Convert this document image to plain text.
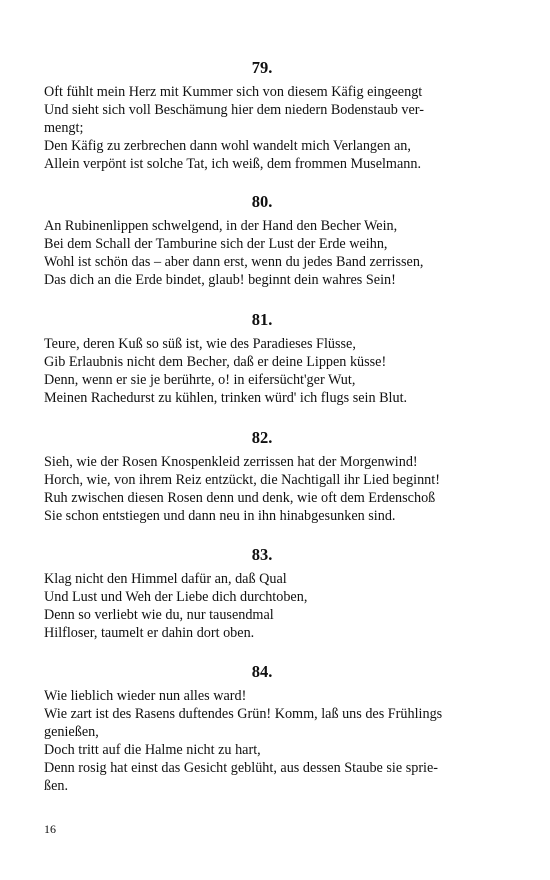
79.
Oft fühlt mein Herz mit Kummer sich von diesem Käfig eingeengt
Und sieht sich voll Beschämung hier dem niedern Bodenstaub ver-
mengt;
Den Käfig zu zerbrechen dann wohl wandelt mich Verlangen an,
Allein verpönt ist solche Tat, ich weiß, dem frommen Muselmann.
80.
An Rubinenlippen schwelgend, in der Hand den Becher Wein,
Bei dem Schall der Tamburine sich der Lust der Erde weihn,
Wohl ist schön das – aber dann erst, wenn du jedes Band zerrissen,
Das dich an die Erde bindet, glaub! beginnt dein wahres Sein!
81.
Teure, deren Kuß so süß ist, wie des Paradieses Flüsse,
Gib Erlaubnis nicht dem Becher, daß er deine Lippen küsse!
Denn, wenn er sie je berührte, o! in eifersücht'ger Wut,
Meinen Rachedurst zu kühlen, trinken würd' ich flugs sein Blut.
82.
Sieh, wie der Rosen Knospenkleid zerrissen hat der Morgenwind!
Horch, wie, von ihrem Reiz entzückt, die Nachtigall ihr Lied beginnt!
Ruh zwischen diesen Rosen denn und denk, wie oft dem Erdenschoß
Sie schon entstiegen und dann neu in ihn hinabgesunken sind.
83.
Klag nicht den Himmel dafür an, daß Qual
Und Lust und Weh der Liebe dich durchtoben,
Denn so verliebt wie du, nur tausendmal
Hilfloser, taumelt er dahin dort oben.
84.
Wie lieblich wieder nun alles ward!
Wie zart ist des Rasens duftendes Grün! Komm, laß uns des Frühlings
genießen,
Doch tritt auf die Halme nicht zu hart,
Denn rosig hat einst das Gesicht geblüht, aus dessen Staube sie sprie-
ßen.
16
